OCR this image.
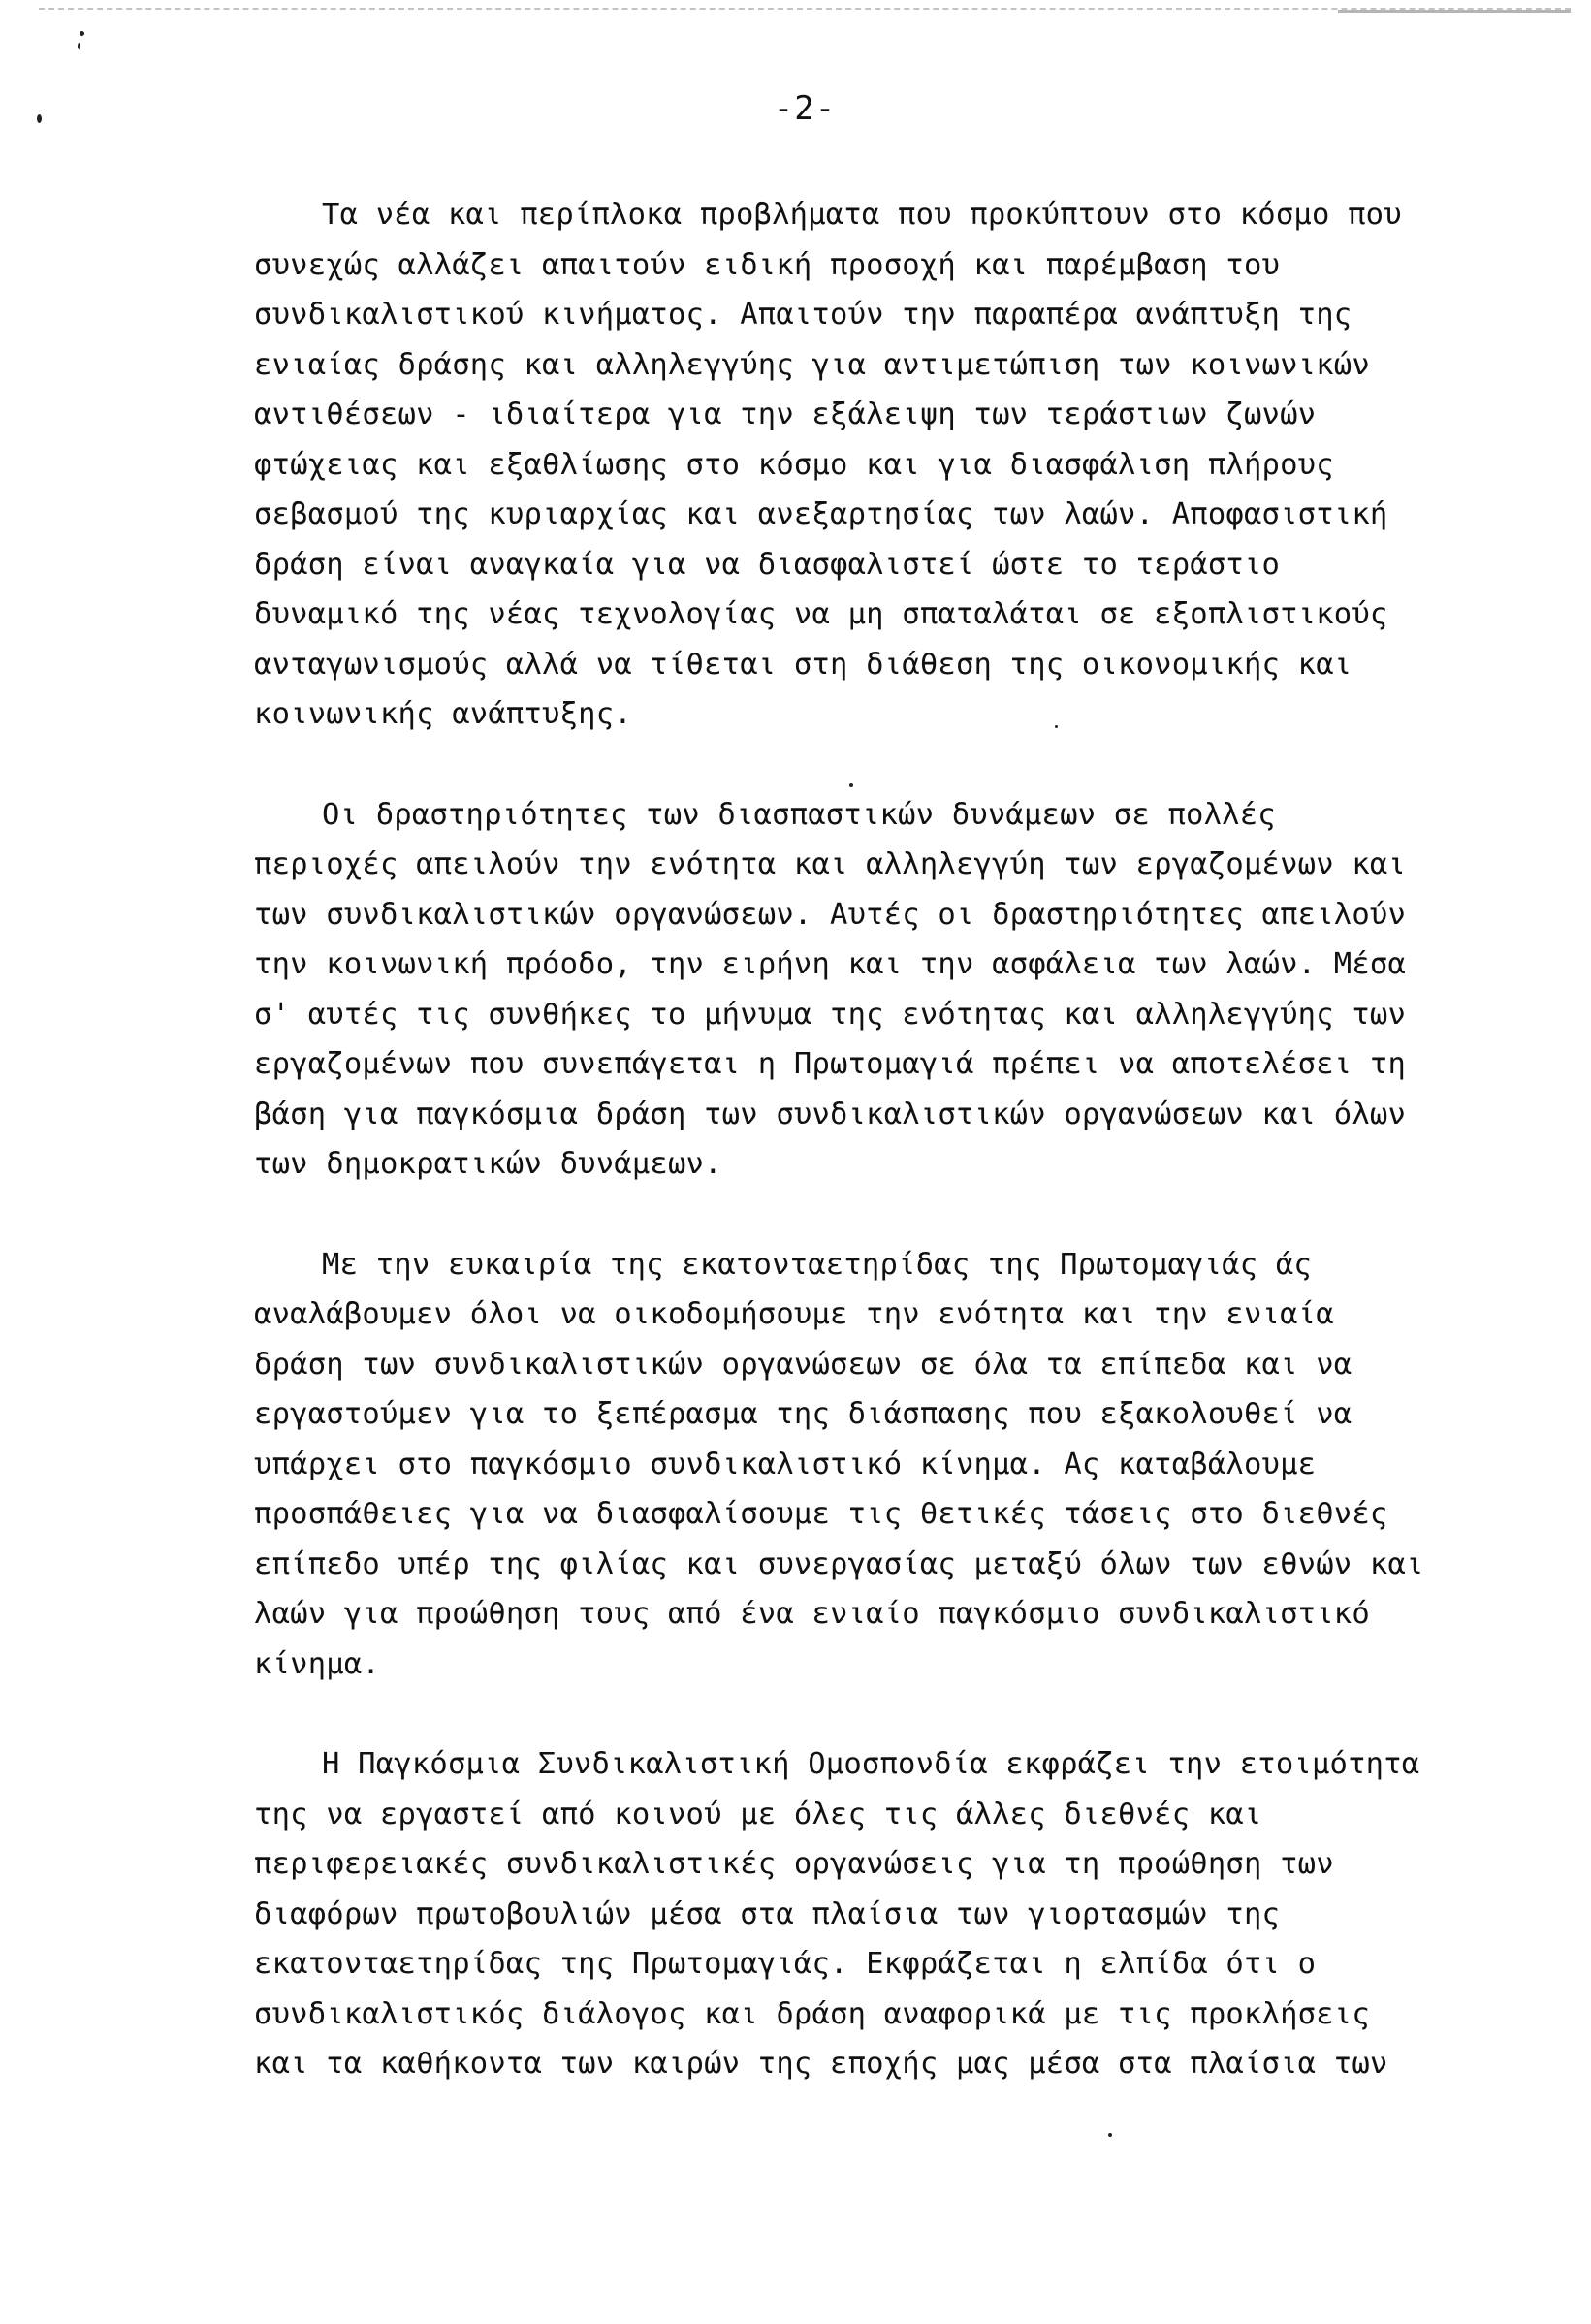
-2-
Τα νέα και περίπλοκα προβλήματα που προκύπτουν στο κόσμο που
συνεχώς αλλάζει απαιτούν ειδική προσοχή και παρέμβαση του
συνδικαλιστικού κινήματος. Απαιτούν την παραπέρα ανάπτυξη της
ενιαίας δράσης και αλληλεγγύης για αντιμετώπιση των κοινωνικών
αντιθέσεων - ιδιαίτερα για την εξάλειψη των τεράστιων ζωνών
φτώχειας και εξαθλίωσης στο κόσμο και για διασφάλιση πλήρους
σεβασμού της κυριαρχίας και ανεξαρτησίας των λαών. Αποφασιστική
δράση είναι αναγκαία για να διασφαλιστεί ώστε το τεράστιο
δυναμικό της νέας τεχνολογίας να μη σπαταλάται σε εξοπλιστικούς
ανταγωνισμούς αλλά να τίθεται στη διάθεση της οικονομικής και
κοινωνικής ανάπτυξης.
Οι δραστηριότητες των διασπαστικών δυνάμεων σε πολλές
περιοχές απειλούν την ενότητα και αλληλεγγύη των εργαζομένων και
των συνδικαλιστικών οργανώσεων. Αυτές οι δραστηριότητες απειλούν
την κοινωνική πρόοδο, την ειρήνη και την ασφάλεια των λαών. Μέσα
σ' αυτές τις συνθήκες το μήνυμα της ενότητας και αλληλεγγύης των
εργαζομένων που συνεπάγεται η Πρωτομαγιά πρέπει να αποτελέσει τη
βάση για παγκόσμια δράση των συνδικαλιστικών οργανώσεων και όλων
των δημοκρατικών δυνάμεων.
Με την ευκαιρία της εκατονταετηρίδας της Πρωτομαγιάς άς
αναλάβουμεν όλοι να οικοδομήσουμε την ενότητα και την ενιαία
δράση των συνδικαλιστικών οργανώσεων σε όλα τα επίπεδα και να
εργαστούμεν για το ξεπέρασμα της διάσπασης που εξακολουθεί να
υπάρχει στο παγκόσμιο συνδικαλιστικό κίνημα. Ας καταβάλουμε
προσπάθειες για να διασφαλίσουμε τις θετικές τάσεις στο διεθνές
επίπεδο υπέρ της φιλίας και συνεργασίας μεταξύ όλων των εθνών και
λαών για προώθηση τους από ένα ενιαίο παγκόσμιο συνδικαλιστικό
κίνημα.
Η Παγκόσμια Συνδικαλιστική Ομοσπονδία εκφράζει την ετοιμότητα
της να εργαστεί από κοινού με όλες τις άλλες διεθνές και
περιφερειακές συνδικαλιστικές οργανώσεις για τη προώθηση των
διαφόρων πρωτοβουλιών μέσα στα πλαίσια των γιορτασμών της
εκατονταετηρίδας της Πρωτομαγιάς. Εκφράζεται η ελπίδα ότι ο
συνδικαλιστικός διάλογος και δράση αναφορικά με τις προκλήσεις
και τα καθήκοντα των καιρών της εποχής μας μέσα στα πλαίσια των
